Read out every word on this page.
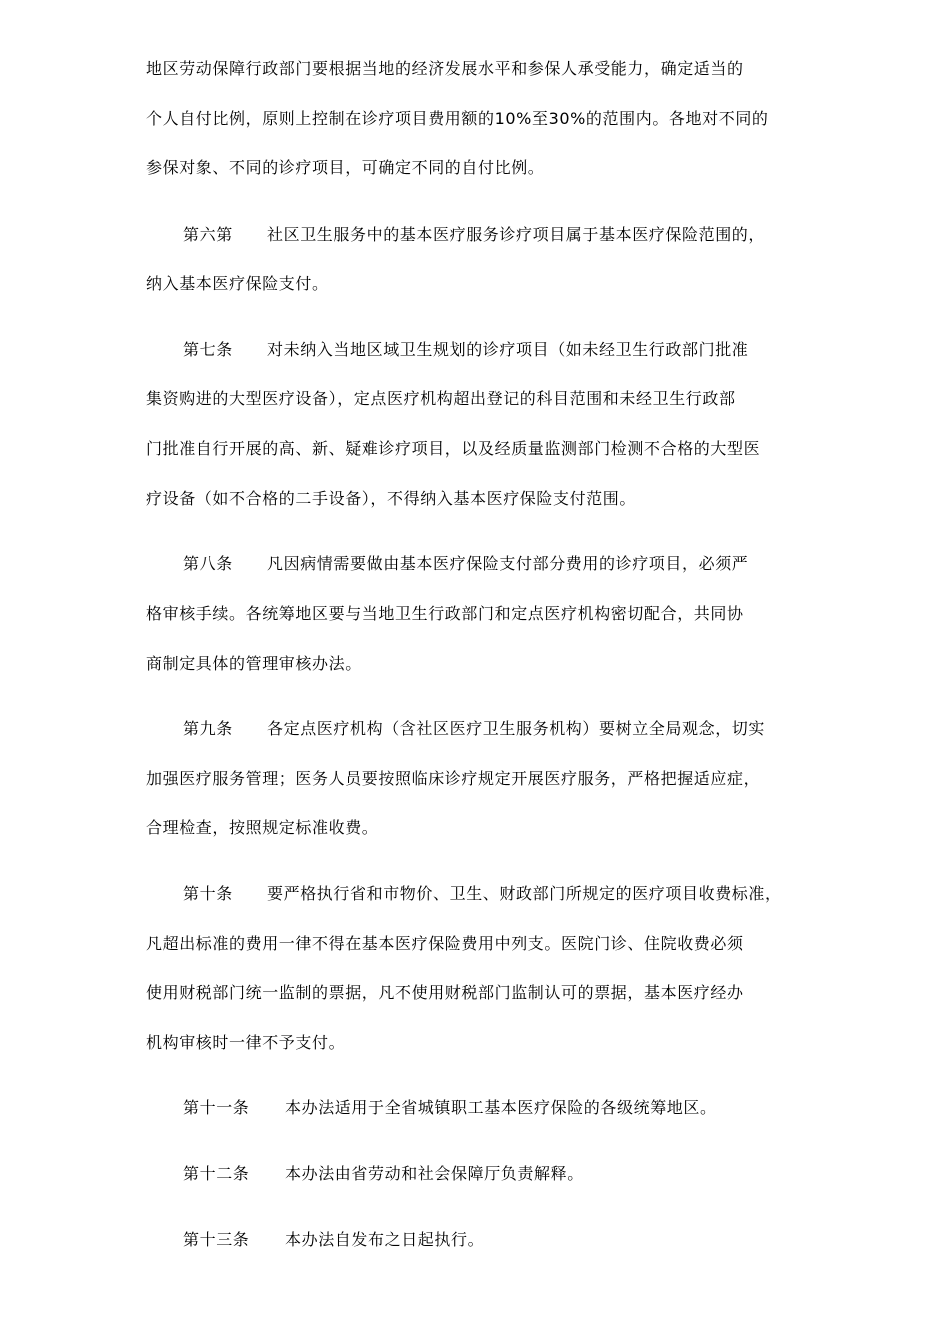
地区劳动保障行政部门要根据当地的经济发展水平和参保人承受能力，确定适当的
个人自付比例，原则上控制在诊疗项目费用额的10%至30%的范围内。各地对不同的
参保对象、不同的诊疗项目，可确定不同的自付比例。
第六第 社区卫生服务中的基本医疗服务诊疗项目属于基本医疗保险范围的，
纳入基本医疗保险支付。
第七条 对未纳入当地区域卫生规划的诊疗项目（如未经卫生行政部门批准
集资购进的大型医疗设备），定点医疗机构超出登记的科目范围和未经卫生行政部
门批准自行开展的高、新、疑难诊疗项目，以及经质量监测部门检测不合格的大型医
疗设备（如不合格的二手设备），不得纳入基本医疗保险支付范围。
第八条 凡因病情需要做由基本医疗保险支付部分费用的诊疗项目，必须严
格审核手续。各统筹地区要与当地卫生行政部门和定点医疗机构密切配合，共同协
商制定具体的管理审核办法。
第九条 各定点医疗机构（含社区医疗卫生服务机构）要树立全局观念，切实
加强医疗服务管理；医务人员要按照临床诊疗规定开展医疗服务，严格把握适应症，
合理检查，按照规定标准收费。
第十条 要严格执行省和市物价、卫生、财政部门所规定的医疗项目收费标准，
凡超出标准的费用一律不得在基本医疗保险费用中列支。医院门诊、住院收费必须
使用财税部门统一监制的票据，凡不使用财税部门监制认可的票据，基本医疗经办
机构审核时一律不予支付。
第十一条 本办法适用于全省城镇职工基本医疗保险的各级统筹地区。
第十二条 本办法由省劳动和社会保障厅负责解释。
第十三条 本办法自发布之日起执行。
